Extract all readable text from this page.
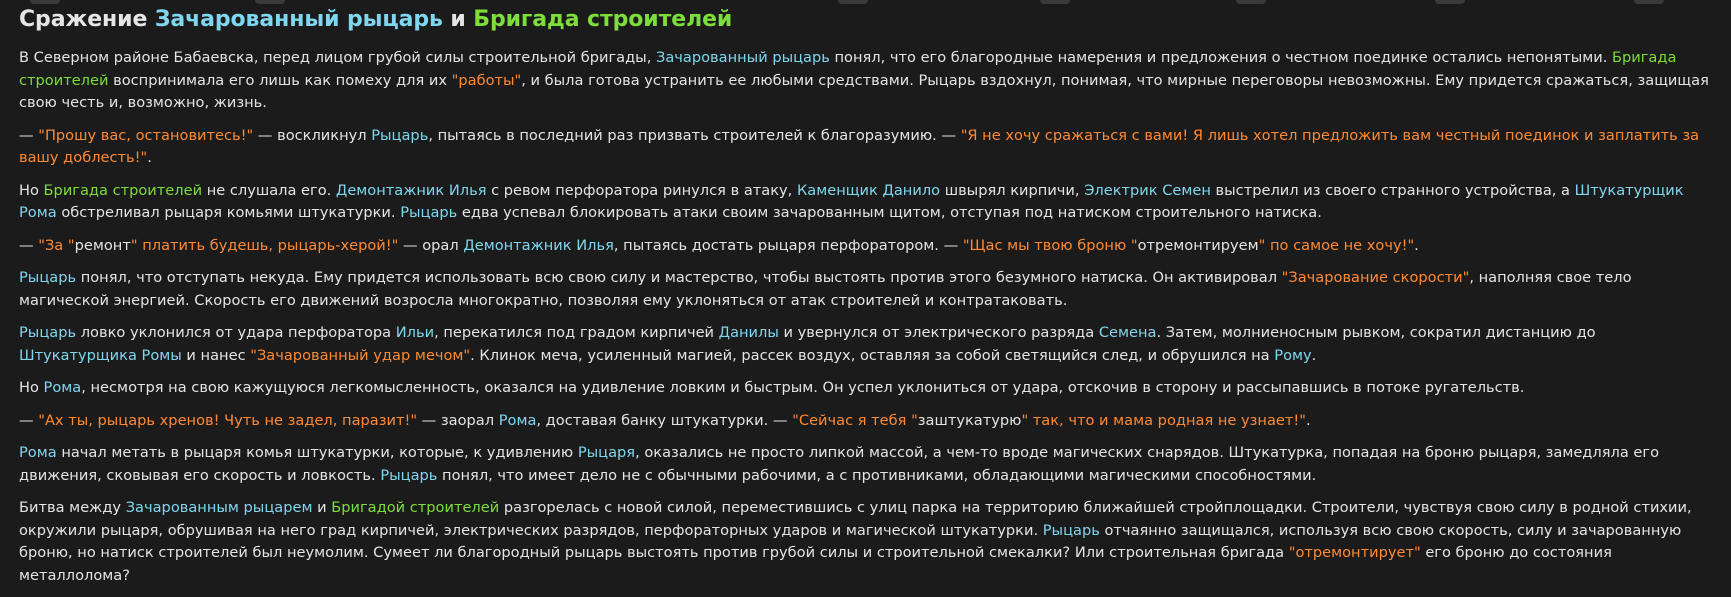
Сражение Зачарованный рыцарь и Бригада строителей

В Северном районе Бабаевска, перед лицом грубой силы строительной бригады, Зачарованный рыцарь понял, что его благородные намерения и предложения о честном поединке остались непонятыми. Бригада строителей воспринимала его лишь как помеху для их "работы", и была готова устранить ее любыми средствами. Рыцарь вздохнул, понимая, что мирные переговоры невозможны. Ему придется сражаться, защищая свою честь и, возможно, жизнь.

— "Прошу вас, остановитесь!" — воскликнул Рыцарь, пытаясь в последний раз призвать строителей к благоразумию. — "Я не хочу сражаться с вами! Я лишь хотел предложить вам честный поединок и заплатить за вашу доблесть!".

Но Бригада строителей не слушала его. Демонтажник Илья с ревом перфоратора ринулся в атаку, Каменщик Данило швырял кирпичи, Электрик Семен выстрелил из своего странного устройства, а Штукатурщик Рома обстреливал рыцаря комьями штукатурки. Рыцарь едва успевал блокировать атаки своим зачарованным щитом, отступая под натиском строительного натиска.

— "За "ремонт" платить будешь, рыцарь-херой!" — орал Демонтажник Илья, пытаясь достать рыцаря перфоратором. — "Щас мы твою броню "отремонтируем" по самое не хочу!".

Рыцарь понял, что отступать некуда. Ему придется использовать всю свою силу и мастерство, чтобы выстоять против этого безумного натиска. Он активировал "Зачарование скорости", наполняя свое тело магической энергией. Скорость его движений возросла многократно, позволяя ему уклоняться от атак строителей и контратаковать.

Рыцарь ловко уклонился от удара перфоратора Ильи, перекатился под градом кирпичей Данилы и увернулся от электрического разряда Семена. Затем, молниеносным рывком, сократил дистанцию до Штукатурщика Ромы и нанес "Зачарованный удар мечом". Клинок меча, усиленный магией, рассек воздух, оставляя за собой светящийся след, и обрушился на Рому.

Но Рома, несмотря на свою кажущуюся легкомысленность, оказался на удивление ловким и быстрым. Он успел уклониться от удара, отскочив в сторону и рассыпавшись в потоке ругательств.

— "Ах ты, рыцарь хренов! Чуть не задел, паразит!" — заорал Рома, доставая банку штукатурки. — "Сейчас я тебя "заштукатурю" так, что и мама родная не узнает!".

Рома начал метать в рыцаря комья штукатурки, которые, к удивлению Рыцаря, оказались не просто липкой массой, а чем-то вроде магических снарядов. Штукатурка, попадая на броню рыцаря, замедляла его движения, сковывая его скорость и ловкость. Рыцарь понял, что имеет дело не с обычными рабочими, а с противниками, обладающими магическими способностями.

Битва между Зачарованным рыцарем и Бригадой строителей разгорелась с новой силой, переместившись с улиц парка на территорию ближайшей стройплощадки. Строители, чувствуя свою силу в родной стихии, окружили рыцаря, обрушивая на него град кирпичей, электрических разрядов, перфораторных ударов и магической штукатурки. Рыцарь отчаянно защищался, используя всю свою скорость, силу и зачарованную броню, но натиск строителей был неумолим. Сумеет ли благородный рыцарь выстоять против грубой силы и строительной смекалки? Или строительная бригада "отремонтирует" его броню до состояния металлолома?
